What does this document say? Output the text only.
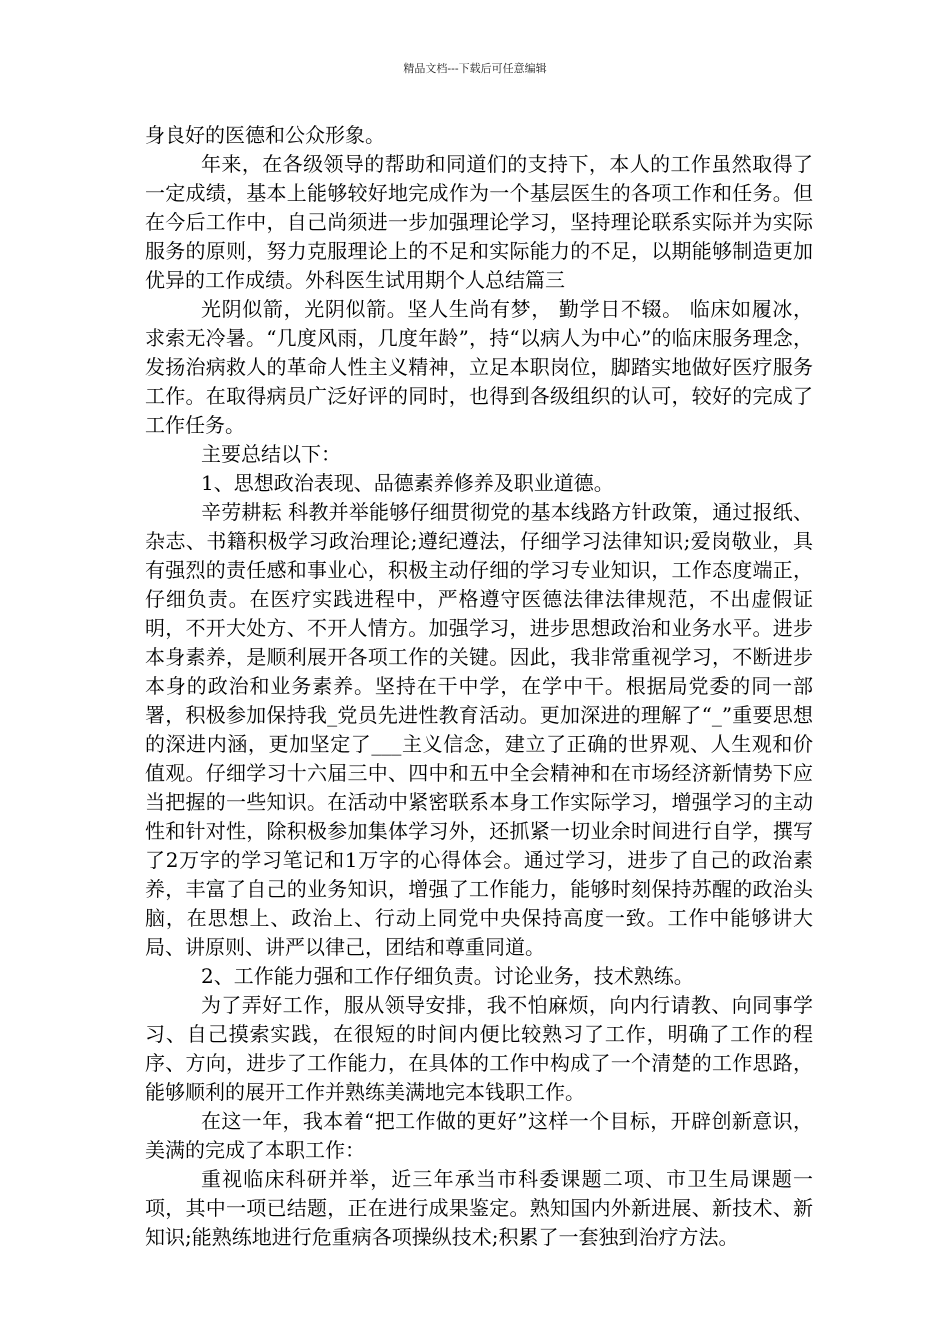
精品文档---下载后可任意编辑

身良好的医德和公众形象。

年来，在各级领导的帮助和同道们的支持下，本人的工作虽然取得了一定成绩，基本上能够较好地完成作为一个基层医生的各项工作和任务。但在今后工作中，自己尚须进一步加强理论学习，坚持理论联系实际并为实际服务的原则，努力克服理论上的不足和实际能力的不足，以期能够制造更加优异的工作成绩。外科医生试用期个人总结篇三

光阴似箭，光阴似箭。坚人生尚有梦， 勤学日不辍。 临床如履冰， 求索无冷暑。“几度风雨，几度年龄”，持“以病人为中心”的临床服务理念，发扬治病救人的革命人性主义精神，立足本职岗位，脚踏实地做好医疗服务工作。在取得病员广泛好评的同时，也得到各级组织的认可，较好的完成了工作任务。

主要总结以下：

1、思想政治表现、品德素养修养及职业道德。

辛劳耕耘 科教并举能够仔细贯彻党的基本线路方针政策，通过报纸、杂志、书籍积极学习政治理论;遵纪遵法，仔细学习法律知识;爱岗敬业，具有强烈的责任感和事业心，积极主动仔细的学习专业知识，工作态度端正，仔细负责。在医疗实践进程中，严格遵守医德法律法律规范，不出虚假证明，不开大处方、不开人情方。加强学习，进步思想政治和业务水平。进步本身素养，是顺利展开各项工作的关键。因此，我非常重视学习，不断进步本身的政治和业务素养。坚持在干中学，在学中干。根据局党委的同一部署，积极参加保持我_党员先进性教育活动。更加深进的理解了“_”重要思想的深进内涵，更加坚定了___主义信念，建立了正确的世界观、人生观和价值观。仔细学习十六届三中、四中和五中全会精神和在市场经济新情势下应当把握的一些知识。在活动中紧密联系本身工作实际学习，增强学习的主动性和针对性，除积极参加集体学习外，还抓紧一切业余时间进行自学，撰写了2万字的学习笔记和1万字的心得体会。通过学习，进步了自己的政治素养，丰富了自己的业务知识，增强了工作能力，能够时刻保持苏醒的政治头脑，在思想上、政治上、行动上同党中央保持高度一致。工作中能够讲大局、讲原则、讲严以律己，团结和尊重同道。

2、工作能力强和工作仔细负责。讨论业务，技术熟练。

为了弄好工作，服从领导安排，我不怕麻烦，向内行请教、向同事学习、自己摸索实践，在很短的时间内便比较熟习了工作，明确了工作的程序、方向，进步了工作能力，在具体的工作中构成了一个清楚的工作思路，能够顺利的展开工作并熟练美满地完本钱职工作。

在这一年，我本着“把工作做的更好”这样一个目标，开辟创新意识，美满的完成了本职工作：

重视临床科研并举，近三年承当市科委课题二项、市卫生局课题一项，其中一项已结题，正在进行成果鉴定。熟知国内外新进展、新技术、新知识;能熟练地进行危重病各项操纵技术;积累了一套独到治疗方法。
